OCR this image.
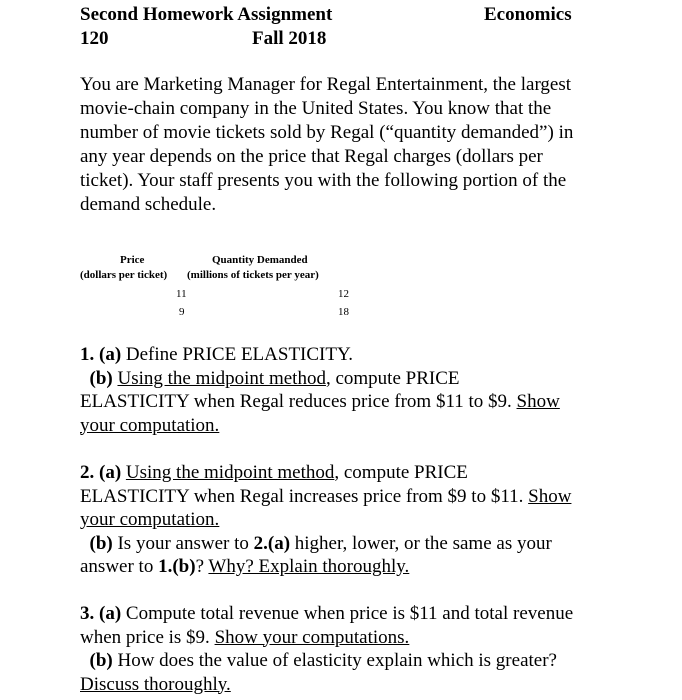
Second Homework Assignment	Economics
120	Fall 2018
You are Marketing Manager for Regal Entertainment, the largest
movie-chain company in the United States. You know that the
number of movie tickets sold by Regal (“quantity demanded”) in
any year depends on the price that Regal charges (dollars per
ticket). Your staff presents you with the following portion of the
demand schedule.
Price	Quantity Demanded
(dollars per ticket) (millions of tickets per year)
11	12
9	18
1. (a) Define PRICE ELASTICITY.
(b) Using the midpoint method, compute PRICE
ELASTICITY when Regal reduces price from $11 to $9. Show
your computation.
2. (a) Using the midpoint method, compute PRICE
ELASTICITY when Regal increases price from $9 to $11. Show
your computation.
(b) Is your answer to 2.(a) higher, lower, or the same as your
answer to 1.(b)? Why? Explain thoroughly.
3. (a) Compute total revenue when price is $11 and total revenue
when price is $9. Show your computations.
(b) How does the value of elasticity explain which is greater?
Discuss thoroughly.
